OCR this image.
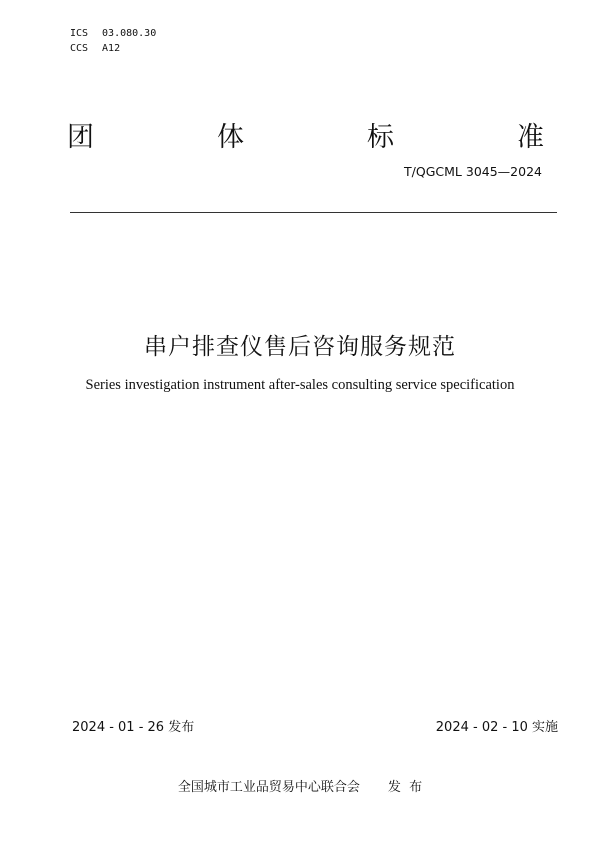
ICS 03.080.30
CCS A12
团	体	标	准
T/QGCML 3045—2024
串户排查仪售后咨询服务规范
Series investigation instrument after-sales consulting service specification
2024 - 01 - 26 发布	2024 - 02 - 10 实施
全国城市工业品贸易中心联合会 发  布
